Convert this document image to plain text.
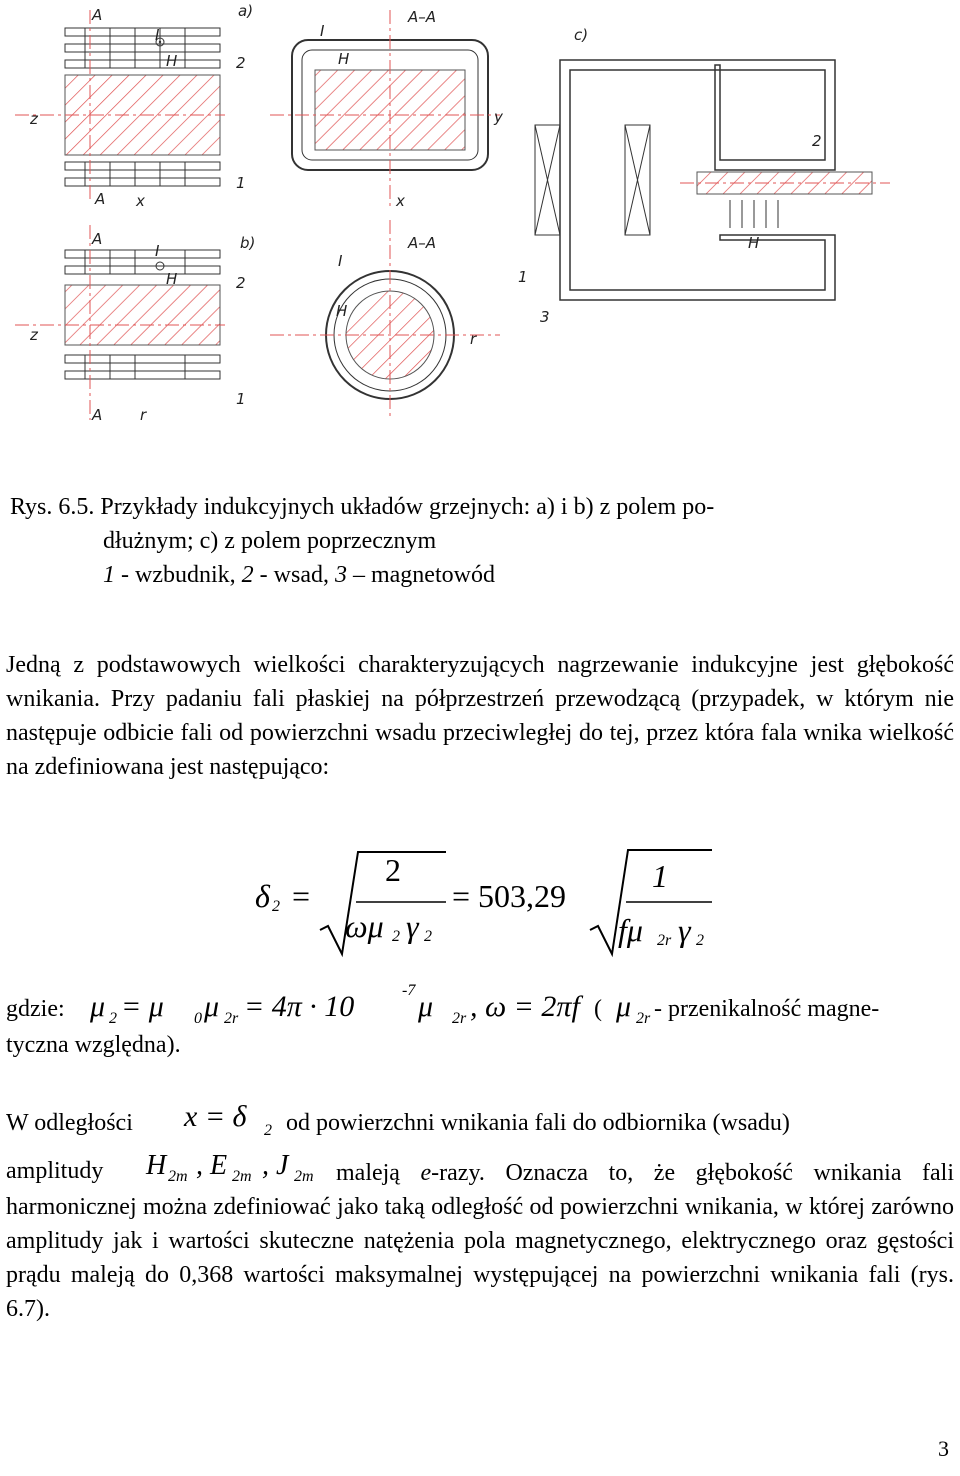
z
A
A x
I
H
a)
2
1
A–A
I
H
y
x
z
A
A	r
I
H
b)
2
1
A–A
I
H
r
c)
2
H
1
3
Rys. 6.5. Przykłady indukcyjnych układów grzejnych: a) i b) z polem po-
dłużnym; c) z polem poprzecznym
1 - wzbudnik, 2 - wsad, 3 – magnetowód
Jedną z podstawowych wielkości charakteryzujących nagrzewanie indukcyjne jest głębokość wnikania. Przy padaniu fali płaskiej na półprzestrzeń przewodzącą (przypadek, w którym nie następuje odbicie fali od powierzchni wsadu przeciwległej do tej, przez która fala wnika wielkość na zdefiniowana jest następująco:
δ 2 =
2
ωμ 2 γ 2
= 503,29
1
fμ 2r γ 2
gdzie: μ 2 = μ 0 μ 2r = 4π · 10	-7 μ 2r , ω = 2πf ( μ 2r - przenikalność magne-
tyczna względna).
W odległości x = δ 2 od powierzchni wnikania fali do odbiornika (wsadu)
amplitudy H 2m , E 2m , J 2m maleją e-razy. Oznacza to, że głębokość wnikania fali harmonicznej można zdefiniować jako taką odległość od powierzchni wnikania, w której zarówno amplitudy jak i wartości skuteczne natężenia pola magnetycznego, elektrycznego oraz gęstości prądu maleją do 0,368 wartości maksymalnej występującej na powierzchni wnikania fali (rys. 6.7).
3
